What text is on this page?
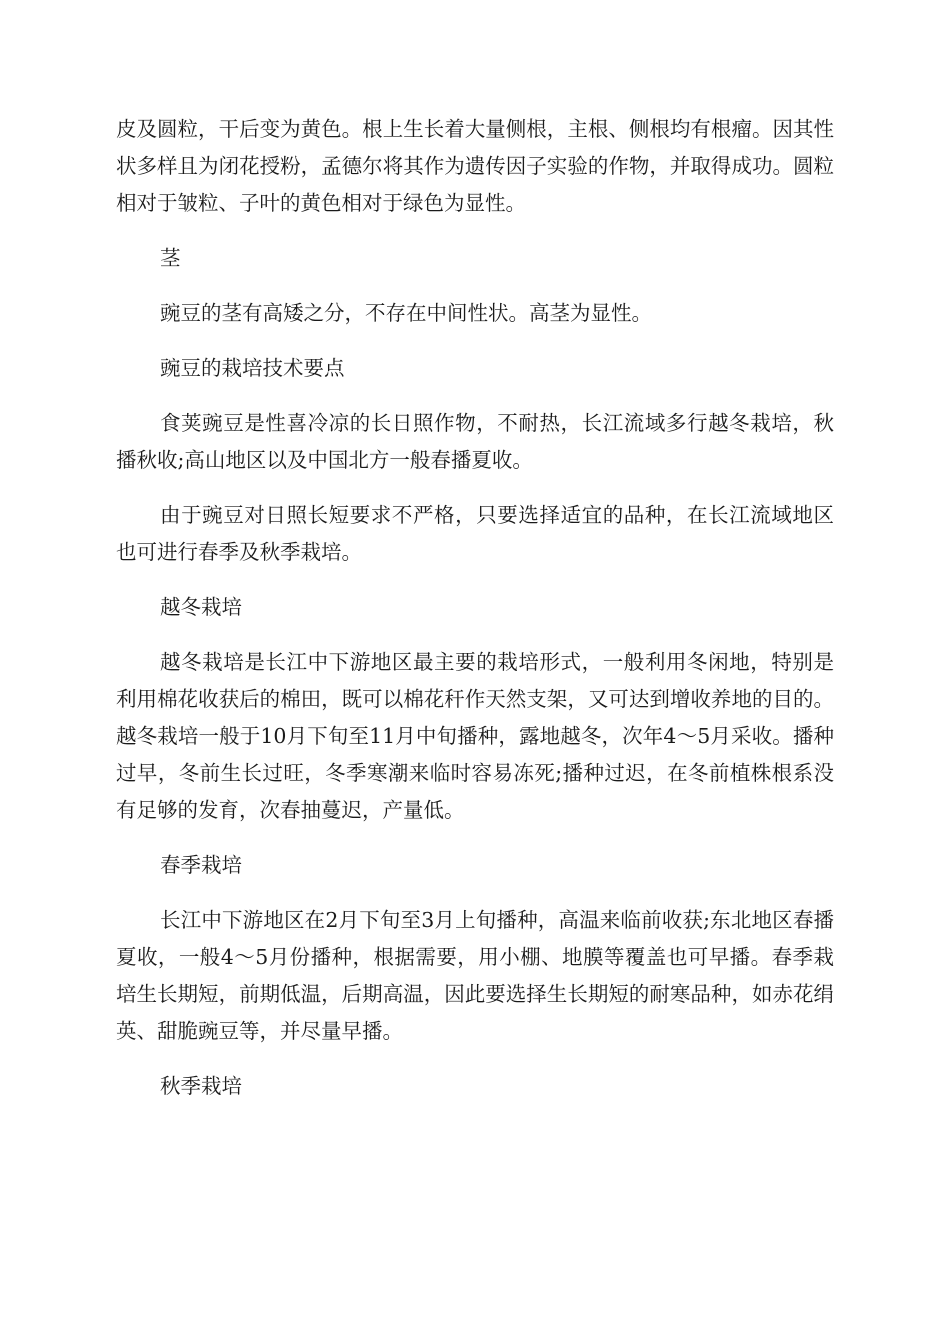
皮及圆粒，干后变为黄色。根上生长着大量侧根，主根、侧根均有根瘤。因其性状多样且为闭花授粉，孟德尔将其作为遗传因子实验的作物，并取得成功。圆粒相对于皱粒、子叶的黄色相对于绿色为显性。

茎

豌豆的茎有高矮之分，不存在中间性状。高茎为显性。

豌豆的栽培技术要点

食荚豌豆是性喜冷凉的长日照作物，不耐热，长江流域多行越冬栽培，秋播秋收;高山地区以及中国北方一般春播夏收。

由于豌豆对日照长短要求不严格，只要选择适宜的品种，在长江流域地区也可进行春季及秋季栽培。

越冬栽培

越冬栽培是长江中下游地区最主要的栽培形式，一般利用冬闲地，特别是利用棉花收获后的棉田，既可以棉花秆作天然支架，又可达到增收养地的目的。越冬栽培一般于10月下旬至11月中旬播种，露地越冬，次年4～5月采收。播种过早，冬前生长过旺，冬季寒潮来临时容易冻死;播种过迟，在冬前植株根系没有足够的发育，次春抽蔓迟，产量低。

春季栽培

长江中下游地区在2月下旬至3月上旬播种，高温来临前收获;东北地区春播夏收，一般4～5月份播种，根据需要，用小棚、地膜等覆盖也可早播。春季栽培生长期短，前期低温，后期高温，因此要选择生长期短的耐寒品种，如赤花绢英、甜脆豌豆等，并尽量早播。

秋季栽培
